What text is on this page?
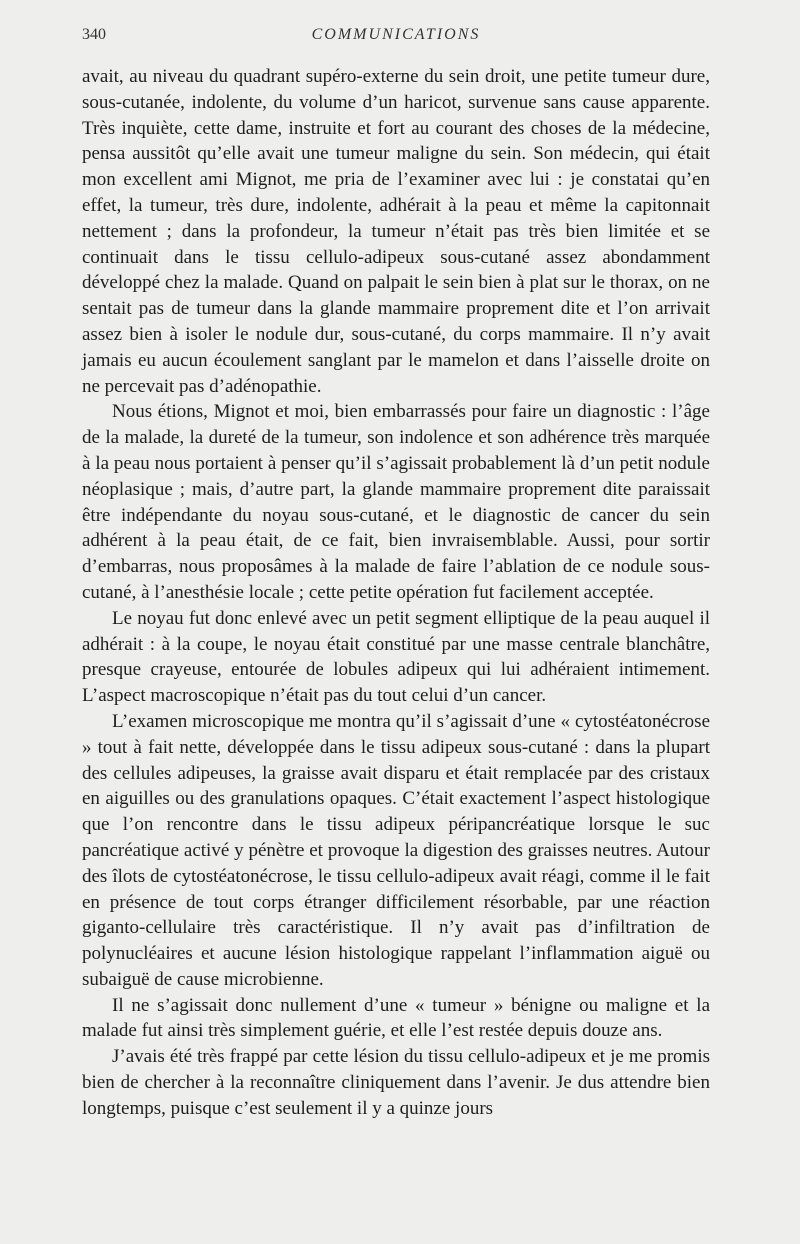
340	COMMUNICATIONS

avait, au niveau du quadrant supéro-externe du sein droit, une petite tumeur dure, sous-cutanée, indolente, du volume d’un haricot, survenue sans cause apparente. Très inquiète, cette dame, instruite et fort au courant des choses de la médecine, pensa aussitôt qu’elle avait une tumeur maligne du sein. Son médecin, qui était mon excellent ami Mignot, me pria de l’examiner avec lui : je constatai qu’en effet, la tumeur, très dure, indolente, adhérait à la peau et même la capitonnait nettement ; dans la profondeur, la tumeur n’était pas très bien limitée et se continuait dans le tissu cellulo-adipeux sous-cutané assez abondamment développé chez la malade. Quand on palpait le sein bien à plat sur le thorax, on ne sentait pas de tumeur dans la glande mammaire proprement dite et l’on arrivait assez bien à isoler le nodule dur, sous-cutané, du corps mammaire. Il n’y avait jamais eu aucun écoulement sanglant par le mamelon et dans l’aisselle droite on ne percevait pas d’adénopathie.

Nous étions, Mignot et moi, bien embarrassés pour faire un diagnostic : l’âge de la malade, la dureté de la tumeur, son indolence et son adhérence très marquée à la peau nous portaient à penser qu’il s’agissait probablement là d’un petit nodule néoplasique ; mais, d’autre part, la glande mammaire proprement dite paraissait être indépendante du noyau sous-cutané, et le diagnostic de cancer du sein adhérent à la peau était, de ce fait, bien invraisemblable. Aussi, pour sortir d’embarras, nous proposâmes à la malade de faire l’ablation de ce nodule sous-cutané, à l’anesthésie locale ; cette petite opération fut facilement acceptée.

Le noyau fut donc enlevé avec un petit segment elliptique de la peau auquel il adhérait : à la coupe, le noyau était constitué par une masse centrale blanchâtre, presque crayeuse, entourée de lobules adipeux qui lui adhéraient intimement. L’aspect macroscopique n’était pas du tout celui d’un cancer.

L’examen microscopique me montra qu’il s’agissait d’une « cytostéatonécrose » tout à fait nette, développée dans le tissu adipeux sous-cutané : dans la plupart des cellules adipeuses, la graisse avait disparu et était remplacée par des cristaux en aiguilles ou des granulations opaques. C’était exactement l’aspect histologique que l’on rencontre dans le tissu adipeux péripancréatique lorsque le suc pancréatique activé y pénètre et provoque la digestion des graisses neutres. Autour des îlots de cytostéatonécrose, le tissu cellulo-adipeux avait réagi, comme il le fait en présence de tout corps étranger difficilement résorbable, par une réaction giganto-cellulaire très caractéristique. Il n’y avait pas d’infiltration de polynucléaires et aucune lésion histologique rappelant l’inflammation aiguë ou subaiguë de cause microbienne.

Il ne s’agissait donc nullement d’une « tumeur » bénigne ou maligne et la malade fut ainsi très simplement guérie, et elle l’est restée depuis douze ans.

J’avais été très frappé par cette lésion du tissu cellulo-adipeux et je me promis bien de chercher à la reconnaître cliniquement dans l’avenir. Je dus attendre bien longtemps, puisque c’est seulement il y a quinze jours
